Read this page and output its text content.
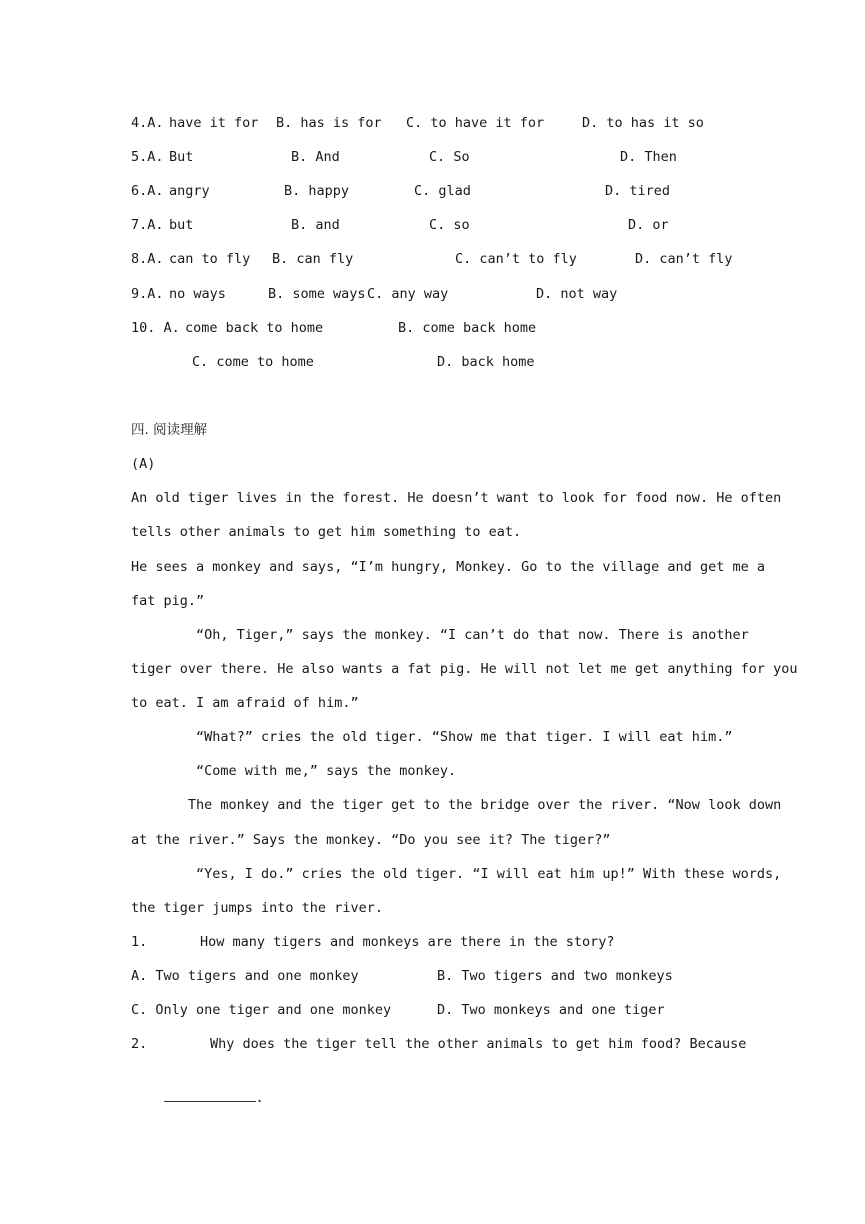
4.A. have it for B. has is for C. to have it for	D. to has it so
5.A. But	B. And	C. So	D. Then
6.A. angry	B. happy	C. glad	D. tired
7.A. but	B. and	C. so	D. or
8.A. can to fly B. can fly	C. can’t to fly	D. can’t fly
9.A. no ways	B. some ways C. any way	D. not way
10. A. come back to home	B. come back home
C. come to home	D. back home
四. 阅读理解
(A)
An old tiger lives in the forest. He doesn’t want to look for food now. He often
tells other animals to get him something to eat.
He sees a monkey and says, “I’m hungry, Monkey. Go to the village and get me a
fat pig.”
“Oh, Tiger,” says the monkey. “I can’t do that now. There is another
tiger over there. He also wants a fat pig. He will not let me get anything for you
to eat. I am afraid of him.”
“What?” cries the old tiger. “Show me that tiger. I will eat him.”
“Come with me,” says the monkey.
The monkey and the tiger get to the bridge over the river. “Now look down
at the river.” Says the monkey. “Do you see it? The tiger?”
“Yes, I do.” cries the old tiger. “I will eat him up!” With these words,
the tiger jumps into the river.
1.	How many tigers and monkeys are there in the story?
A. Two tigers and one monkey	B. Two tigers and two monkeys
C. Only one tiger and one monkey	D. Two monkeys and one tiger
2.	Why does the tiger tell the other animals to get him food? Because

.
